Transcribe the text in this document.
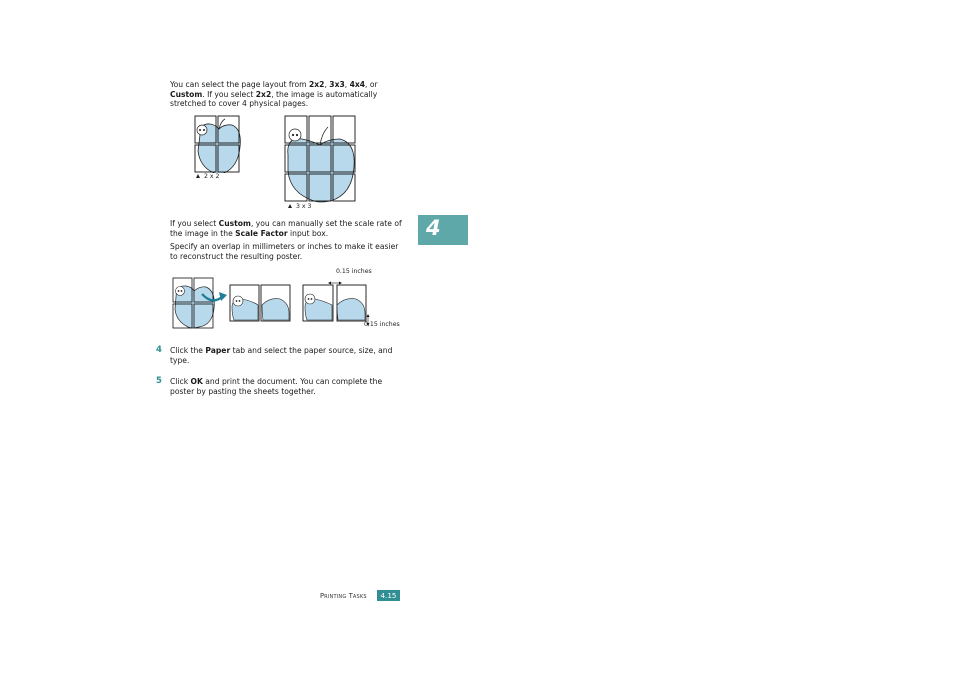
You can select the page layout from 2x2, 3x3, 4x4, or Custom. If you select 2x2, the image is automatically stretched to cover 4 physical pages.

2 x 2
3 x 3

If you select Custom, you can manually set the scale rate of the image in the Scale Factor input box.

Specify an overlap in millimeters or inches to make it easier to reconstruct the resulting poster.

0.15 inches
0.15 inches
4 Click the Paper tab and select the paper source, size, and type.

5 Click OK and print the document. You can complete the poster by pasting the sheets together.

4
Printing Tasks	4.15
